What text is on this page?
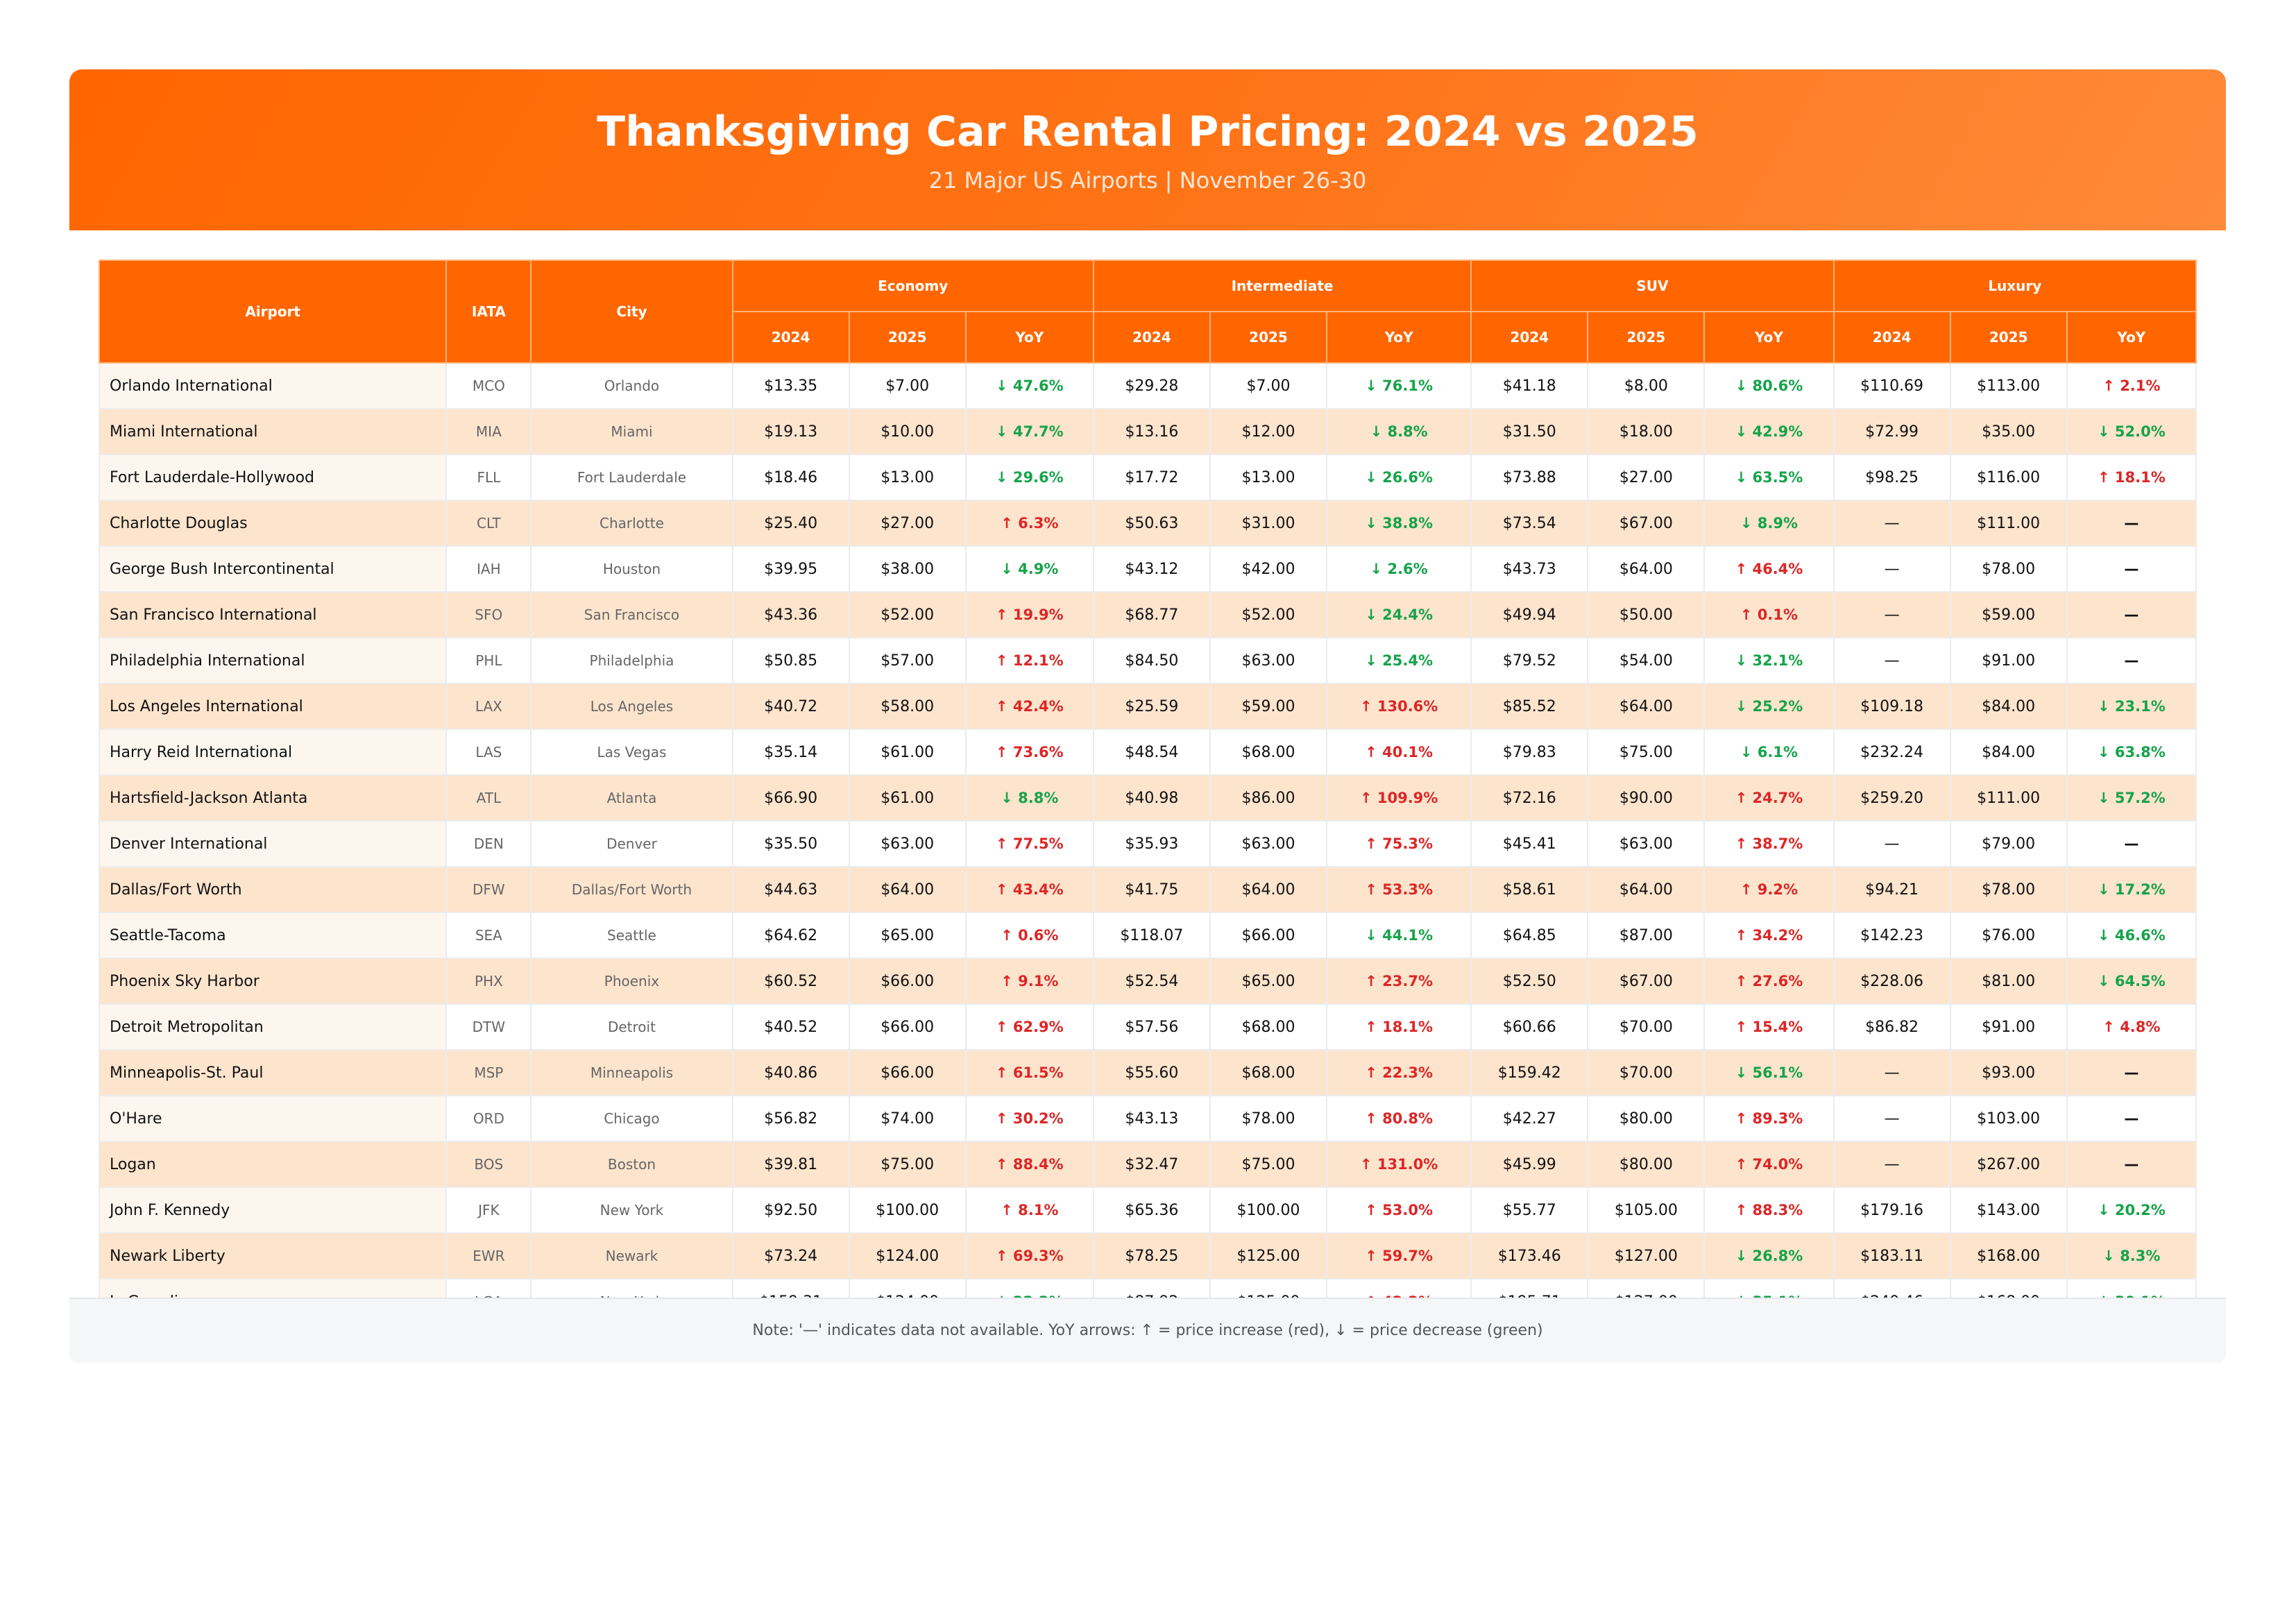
Thanksgiving Car Rental Pricing: 2024 vs 2025
21 Major US Airports | November 26-30
Airport	IATA	City	Economy			Intermediate			SUV			Luxury		
			2024	2025	YoY	2024	2025	YoY	2024	2025	YoY	2024	2025	YoY
Orlando International	MCO	Orlando	$13.35	$7.00	↓ 47.6%	$29.28	$7.00	↓ 76.1%	$41.18	$8.00	↓ 80.6%	$110.69	$113.00	↑ 2.1%
Miami International	MIA	Miami	$19.13	$10.00	↓ 47.7%	$13.16	$12.00	↓ 8.8%	$31.50	$18.00	↓ 42.9%	$72.99	$35.00	↓ 52.0%
Fort Lauderdale-Hollywood	FLL	Fort Lauderdale	$18.46	$13.00	↓ 29.6%	$17.72	$13.00	↓ 26.6%	$73.88	$27.00	↓ 63.5%	$98.25	$116.00	↑ 18.1%
Charlotte Douglas	CLT	Charlotte	$25.40	$27.00	↑ 6.3%	$50.63	$31.00	↓ 38.8%	$73.54	$67.00	↓ 8.9%	—	$111.00	—
George Bush Intercontinental	IAH	Houston	$39.95	$38.00	↓ 4.9%	$43.12	$42.00	↓ 2.6%	$43.73	$64.00	↑ 46.4%	—	$78.00	—
San Francisco International	SFO	San Francisco	$43.36	$52.00	↑ 19.9%	$68.77	$52.00	↓ 24.4%	$49.94	$50.00	↑ 0.1%	—	$59.00	—
Philadelphia International	PHL	Philadelphia	$50.85	$57.00	↑ 12.1%	$84.50	$63.00	↓ 25.4%	$79.52	$54.00	↓ 32.1%	—	$91.00	—
Los Angeles International	LAX	Los Angeles	$40.72	$58.00	↑ 42.4%	$25.59	$59.00	↑ 130.6%	$85.52	$64.00	↓ 25.2%	$109.18	$84.00	↓ 23.1%
Harry Reid International	LAS	Las Vegas	$35.14	$61.00	↑ 73.6%	$48.54	$68.00	↑ 40.1%	$79.83	$75.00	↓ 6.1%	$232.24	$84.00	↓ 63.8%
Hartsfield-Jackson Atlanta	ATL	Atlanta	$66.90	$61.00	↓ 8.8%	$40.98	$86.00	↑ 109.9%	$72.16	$90.00	↑ 24.7%	$259.20	$111.00	↓ 57.2%
Denver International	DEN	Denver	$35.50	$63.00	↑ 77.5%	$35.93	$63.00	↑ 75.3%	$45.41	$63.00	↑ 38.7%	—	$79.00	—
Dallas/Fort Worth	DFW	Dallas/Fort Worth	$44.63	$64.00	↑ 43.4%	$41.75	$64.00	↑ 53.3%	$58.61	$64.00	↑ 9.2%	$94.21	$78.00	↓ 17.2%
Seattle-Tacoma	SEA	Seattle	$64.62	$65.00	↑ 0.6%	$118.07	$66.00	↓ 44.1%	$64.85	$87.00	↑ 34.2%	$142.23	$76.00	↓ 46.6%
Phoenix Sky Harbor	PHX	Phoenix	$60.52	$66.00	↑ 9.1%	$52.54	$65.00	↑ 23.7%	$52.50	$67.00	↑ 27.6%	$228.06	$81.00	↓ 64.5%
Detroit Metropolitan	DTW	Detroit	$40.52	$66.00	↑ 62.9%	$57.56	$68.00	↑ 18.1%	$60.66	$70.00	↑ 15.4%	$86.82	$91.00	↑ 4.8%
Minneapolis-St. Paul	MSP	Minneapolis	$40.86	$66.00	↑ 61.5%	$55.60	$68.00	↑ 22.3%	$159.42	$70.00	↓ 56.1%	—	$93.00	—
O'Hare	ORD	Chicago	$56.82	$74.00	↑ 30.2%	$43.13	$78.00	↑ 80.8%	$42.27	$80.00	↑ 89.3%	—	$103.00	—
Logan	BOS	Boston	$39.81	$75.00	↑ 88.4%	$32.47	$75.00	↑ 131.0%	$45.99	$80.00	↑ 74.0%	—	$267.00	—
John F. Kennedy	JFK	New York	$92.50	$100.00	↑ 8.1%	$65.36	$100.00	↑ 53.0%	$55.77	$105.00	↑ 88.3%	$179.16	$143.00	↓ 20.2%
Newark Liberty	EWR	Newark	$73.24	$124.00	↑ 69.3%	$78.25	$125.00	↑ 59.7%	$173.46	$127.00	↓ 26.8%	$183.11	$168.00	↓ 8.3%

Note: '—' indicates data not available. YoY arrows: ↑ = price increase (red), ↓ = price decrease (green)
